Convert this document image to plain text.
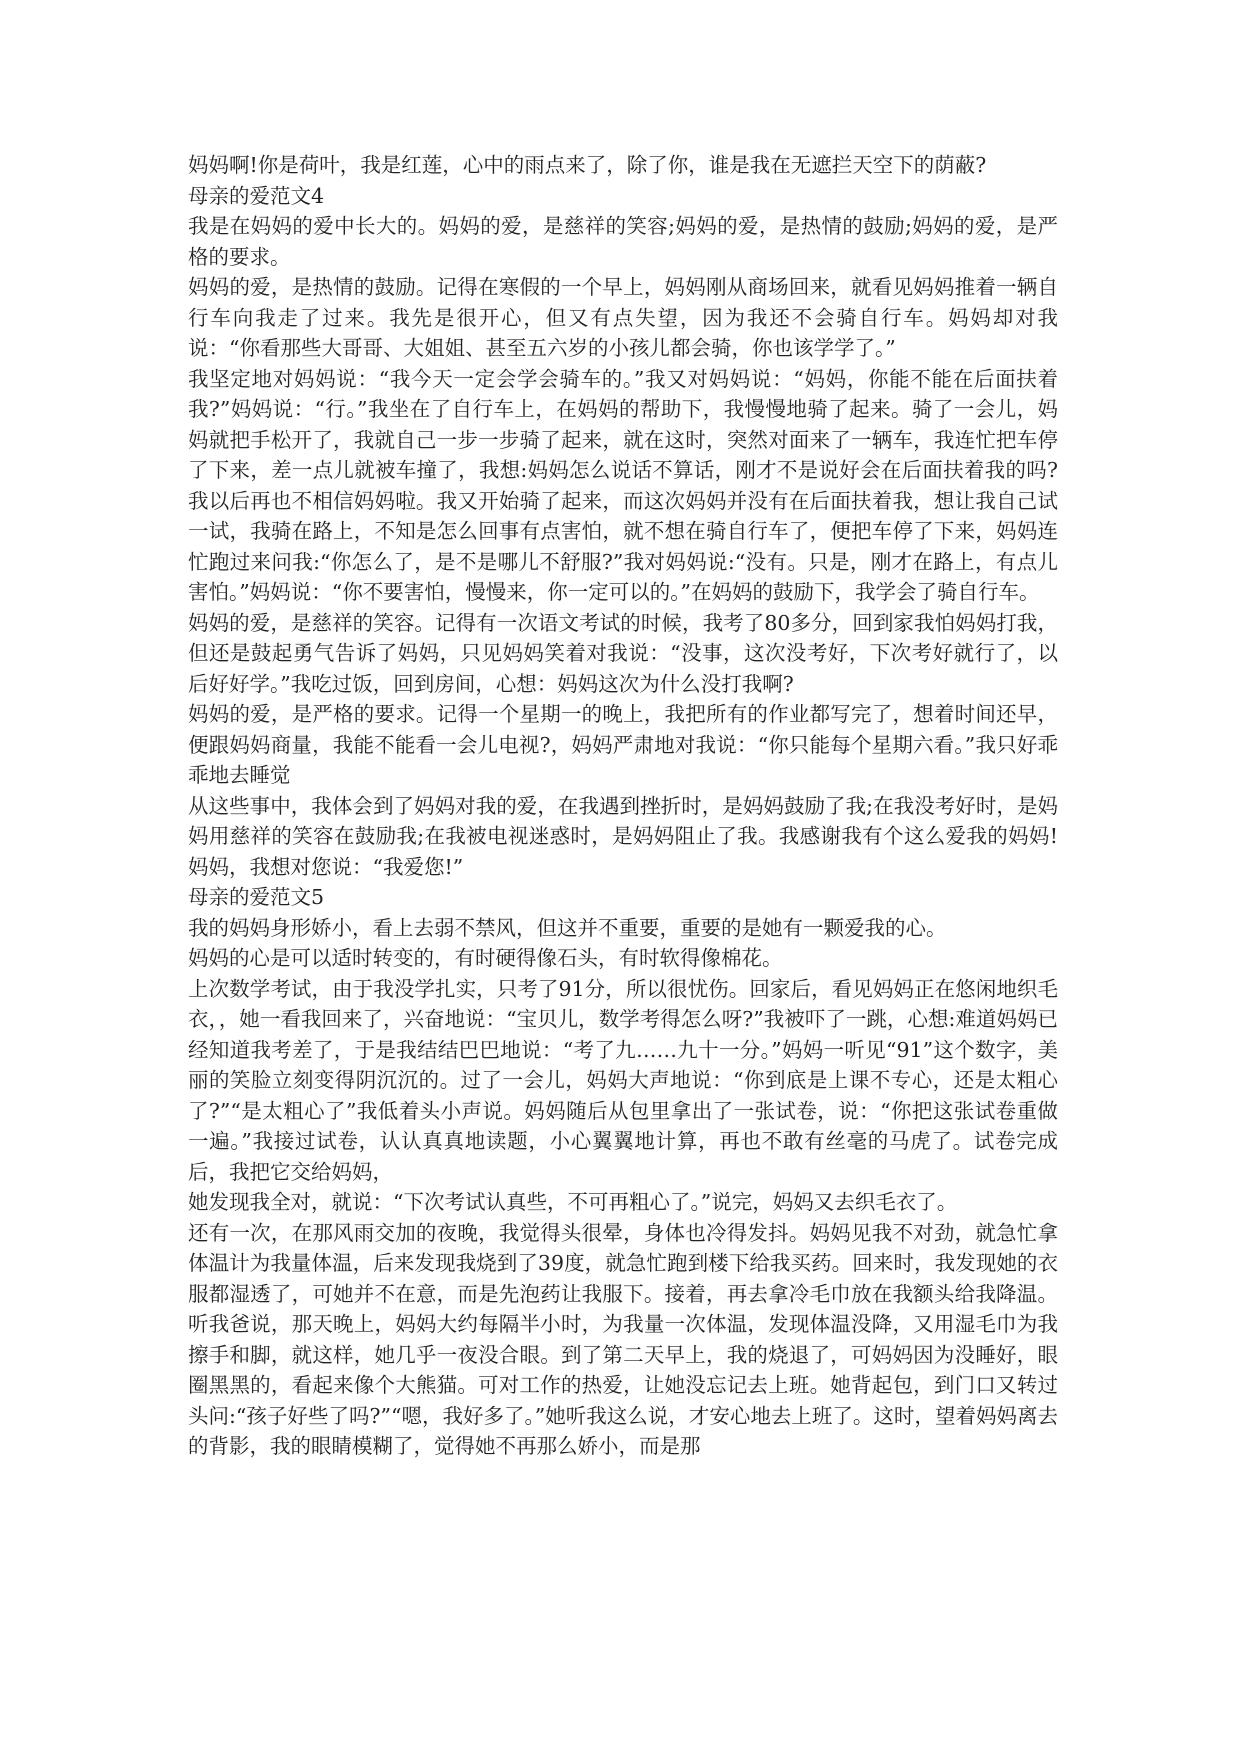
妈妈啊!你是荷叶，我是红莲，心中的雨点来了，除了你，谁是我在无遮拦天空下的荫蔽?

母亲的爱范文4

我是在妈妈的爱中长大的。妈妈的爱，是慈祥的笑容;妈妈的爱，是热情的鼓励;妈妈的爱，是严格的要求。

妈妈的爱，是热情的鼓励。记得在寒假的一个早上，妈妈刚从商场回来，就看见妈妈推着一辆自行车向我走了过来。我先是很开心，但又有点失望，因为我还不会骑自行车。妈妈却对我说：“你看那些大哥哥、大姐姐、甚至五六岁的小孩儿都会骑，你也该学学了。”

我坚定地对妈妈说：“我今天一定会学会骑车的。”我又对妈妈说：“妈妈，你能不能在后面扶着我?”妈妈说：“行。”我坐在了自行车上，在妈妈的帮助下，我慢慢地骑了起来。骑了一会儿，妈妈就把手松开了，我就自己一步一步骑了起来，就在这时，突然对面来了一辆车，我连忙把车停了下来，差一点儿就被车撞了，我想:妈妈怎么说话不算话，刚才不是说好会在后面扶着我的吗?我以后再也不相信妈妈啦。我又开始骑了起来，而这次妈妈并没有在后面扶着我，想让我自己试一试，我骑在路上，不知是怎么回事有点害怕，就不想在骑自行车了，便把车停了下来，妈妈连忙跑过来问我:“你怎么了，是不是哪儿不舒服?”我对妈妈说:“没有。只是，刚才在路上，有点儿害怕。”妈妈说：“你不要害怕，慢慢来，你一定可以的。”在妈妈的鼓励下，我学会了骑自行车。

妈妈的爱，是慈祥的笑容。记得有一次语文考试的时候，我考了80多分，回到家我怕妈妈打我，但还是鼓起勇气告诉了妈妈，只见妈妈笑着对我说：“没事，这次没考好，下次考好就行了，以后好好学。”我吃过饭，回到房间，心想：妈妈这次为什么没打我啊?

妈妈的爱，是严格的要求。记得一个星期一的晚上，我把所有的作业都写完了，想着时间还早，便跟妈妈商量，我能不能看一会儿电视?，妈妈严肃地对我说：“你只能每个星期六看。”我只好乖乖地去睡觉

从这些事中，我体会到了妈妈对我的爱，在我遇到挫折时，是妈妈鼓励了我;在我没考好时，是妈妈用慈祥的笑容在鼓励我;在我被电视迷惑时，是妈妈阻止了我。我感谢我有个这么爱我的妈妈!妈妈，我想对您说：“我爱您!”

母亲的爱范文5

我的妈妈身形娇小，看上去弱不禁风，但这并不重要，重要的是她有一颗爱我的心。

妈妈的心是可以适时转变的，有时硬得像石头，有时软得像棉花。

上次数学考试，由于我没学扎实，只考了91分，所以很忧伤。回家后，看见妈妈正在悠闲地织毛衣，，她一看我回来了，兴奋地说：“宝贝儿，数学考得怎么呀?”我被吓了一跳，心想:难道妈妈已经知道我考差了，于是我结结巴巴地说：“考了九……九十一分。”妈妈一听见“91”这个数字，美丽的笑脸立刻变得阴沉沉的。过了一会儿，妈妈大声地说：“你到底是上课不专心，还是太粗心了?”“是太粗心了”我低着头小声说。妈妈随后从包里拿出了一张试卷，说：“你把这张试卷重做一遍。”我接过试卷，认认真真地读题，小心翼翼地计算，再也不敢有丝毫的马虎了。试卷完成后，我把它交给妈妈，

她发现我全对，就说：“下次考试认真些，不可再粗心了。”说完，妈妈又去织毛衣了。

还有一次，在那风雨交加的夜晚，我觉得头很晕，身体也冷得发抖。妈妈见我不对劲，就急忙拿体温计为我量体温，后来发现我烧到了39度，就急忙跑到楼下给我买药。回来时，我发现她的衣服都湿透了，可她并不在意，而是先泡药让我服下。接着，再去拿冷毛巾放在我额头给我降温。听我爸说，那天晚上，妈妈大约每隔半小时，为我量一次体温，发现体温没降，又用湿毛巾为我擦手和脚，就这样，她几乎一夜没合眼。到了第二天早上，我的烧退了，可妈妈因为没睡好，眼圈黑黑的，看起来像个大熊猫。可对工作的热爱，让她没忘记去上班。她背起包，到门口又转过头问:“孩子好些了吗?”“嗯，我好多了。”她听我这么说，才安心地去上班了。这时，望着妈妈离去的背影，我的眼睛模糊了，觉得她不再那么娇小，而是那
